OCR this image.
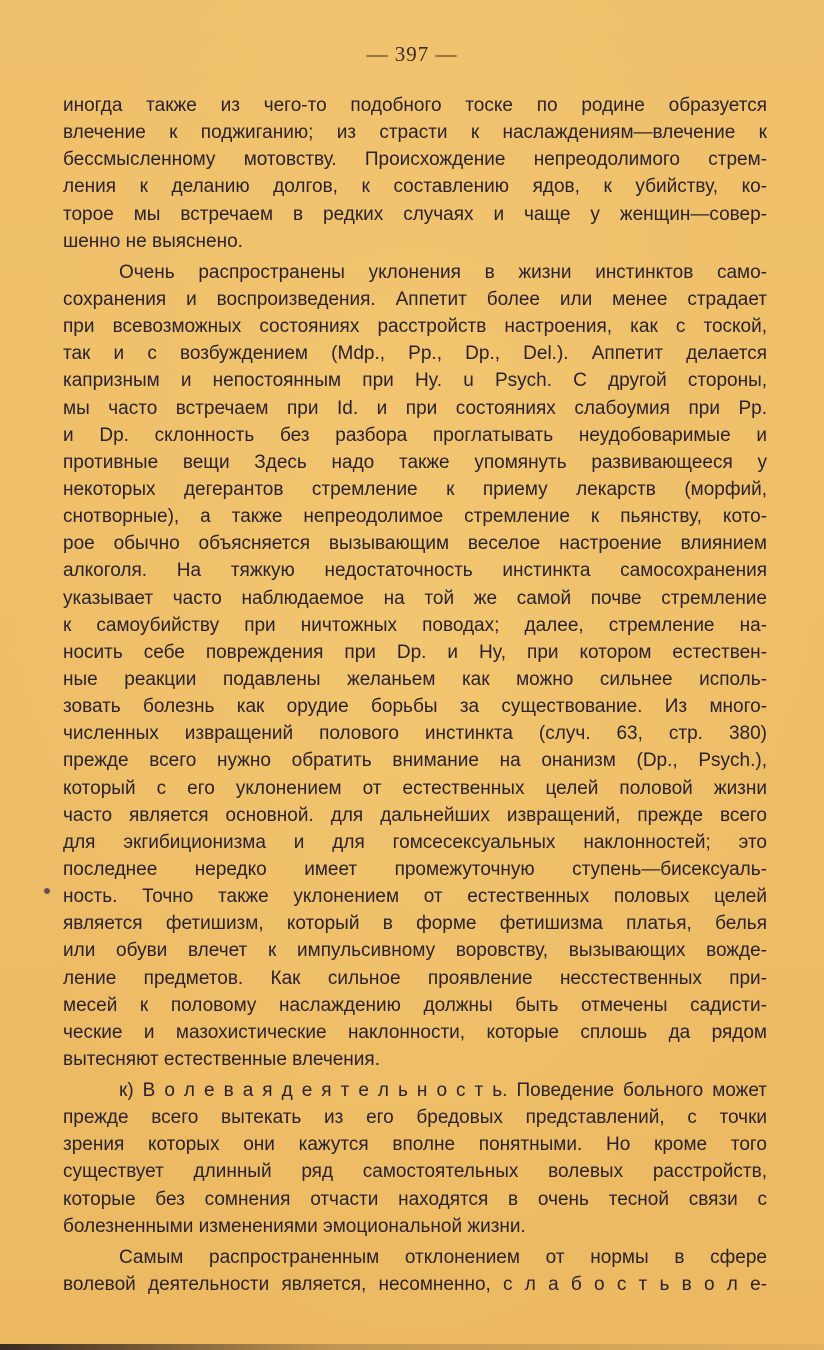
— 397 —
иногда также из чего-то подобного тоске по родине образуется
влечение к поджиганию; из страсти к наслаждениям—влечение к
бессмысленному мотовству. Происхождение непреодолимого стрем-
ления к деланию долгов, к составлению ядов, к убийству, ко-
торое мы встречаем в редких случаях и чаще у женщин—совер-
шенно не выяснено.
Очень распространены уклонения в жизни инстинктов само-
сохранения и воспроизведения. Аппетит более или менее страдает
при всевозможных состояниях расстройств настроения, как с тоской,
так и с возбуждением (Mdp., Pp., Dp., Del.). Аппетит делается
капризным и непостоянным при Hy. u Psych. С другой стороны,
мы часто встречаем при Id. и при состояниях слабоумия при Pp.
и Dp. склонность без разбора проглатывать неудобоваримые и
противные вещи Здесь надо также упомянуть развивающееся у
некоторых дегерантов стремление к приему лекарств (морфий,
снотворные), а также непреодолимое стремление к пьянству, кото-
рое обычно объясняется вызывающим веселое настроение влиянием
алкоголя. На тяжкую недостаточность инстинкта самосохранения
указывает часто наблюдаемое на той же самой почве стремление
к самоубийству при ничтожных поводах; далее, стремление на-
носить себе повреждения при Dp. и Hy, при котором естествен-
ные реакции подавлены желаньем как можно сильнее исполь-
зовать болезнь как орудие борьбы за существование. Из много-
численных извращений полового инстинкта (случ. 63, стр. 380)
прежде всего нужно обратить внимание на онанизм (Dp., Psych.),
который с его уклонением от естественных целей половой жизни
часто является основной. для дальнейших извращений, прежде всего
для экгибиционизма и для гомсесексуальных наклонностей; это
последнее нередко имеет промежуточную ступень—бисексуаль-
ность. Точно также уклонением от естественных половых целей
является фетишизм, который в форме фетишизма платья, белья
или обуви влечет к импульсивному воровству, вызывающих вожде-
ление предметов. Как сильное проявление несстественных при-
месей к половому наслаждению должны быть отмечены садисти-
ческие и мазохистические наклонности, которые сплошь да рядом
вытесняют естественные влечения.
к) В о л е в а я д е я т е л ь н о с т ь. Поведение больного может
прежде всего вытекать из его бредовых представлений, с точки
зрения которых они кажутся вполне понятными. Но кроме того
существует длинный ряд самостоятельных волевых расстройств,
которые без сомнения отчасти находятся в очень тесной связи с
болезненными изменениями эмоциональной жизни.
Самым распространенным отклонением от нормы в сфере
волевой деятельности является, несомненно, с л а б о с т ь в о л е-
